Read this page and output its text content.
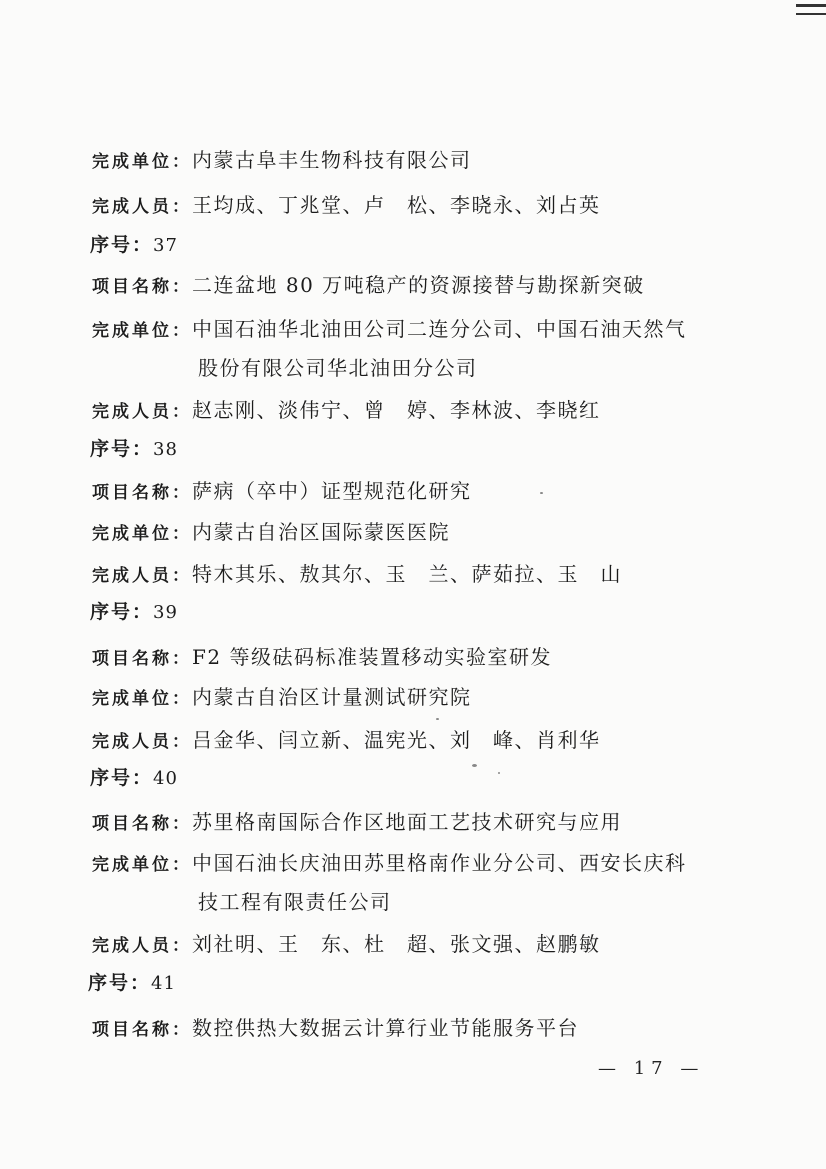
完成单位：内蒙古阜丰生物科技有限公司
完成人员：王均成、丁兆堂、卢　松、李晓永、刘占英
序号：37
项目名称：二连盆地 80 万吨稳产的资源接替与勘探新突破
完成单位：中国石油华北油田公司二连分公司、中国石油天然气
股份有限公司华北油田分公司
完成人员：赵志刚、淡伟宁、曾　婷、李林波、李晓红
序号：38
项目名称：萨病（卒中）证型规范化研究
完成单位：内蒙古自治区国际蒙医医院
完成人员：特木其乐、敖其尔、玉　兰、萨茹拉、玉　山
序号：39
项目名称：F2 等级砝码标准装置移动实验室研发
完成单位：内蒙古自治区计量测试研究院
完成人员：吕金华、闫立新、温宪光、刘　峰、肖利华
序号：40
项目名称：苏里格南国际合作区地面工艺技术研究与应用
完成单位：中国石油长庆油田苏里格南作业分公司、西安长庆科
技工程有限责任公司
完成人员：刘社明、王　东、杜　超、张文强、赵鹏敏
序号：41
项目名称：数控供热大数据云计算行业节能服务平台
— 17 —
